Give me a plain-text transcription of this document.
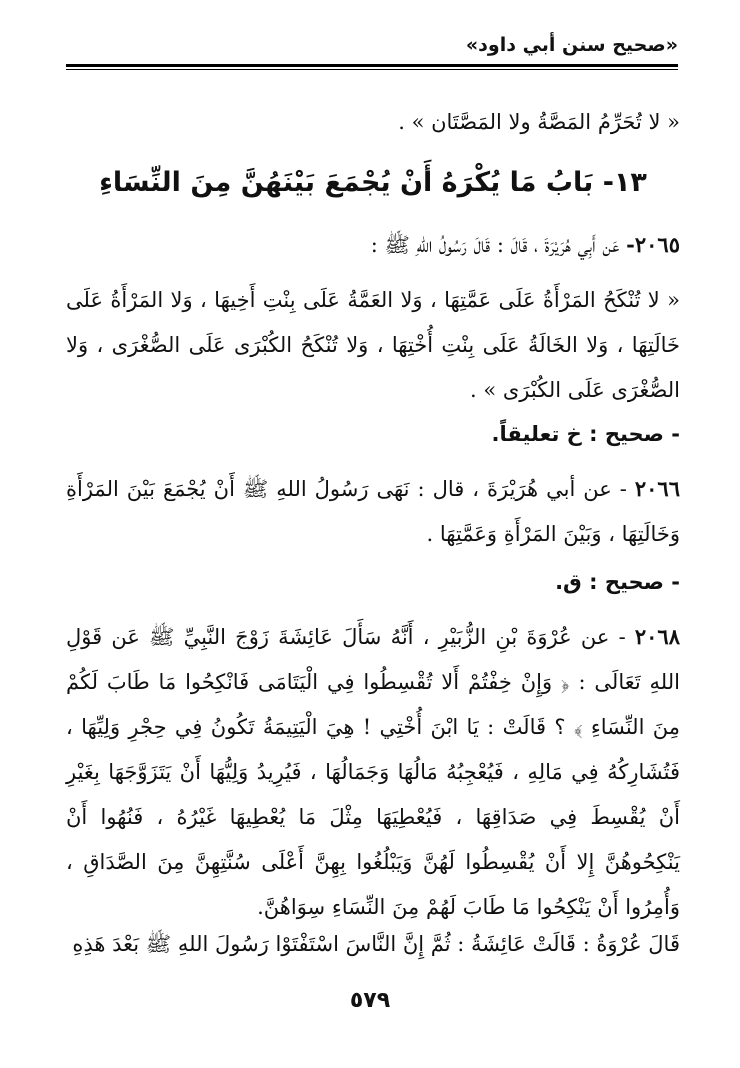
«صحيح سنن أبي داود»
« لا تُحَرِّمُ المَصَّةُ ولا المَصَّتَان » .
١٣- بَابُ مَا يُكْرَهُ أَنْ يُجْمَعَ بَيْنَهُنَّ مِنَ النِّسَاءِ
٢٠٦٥- عَن أَبِي هُرَيْرَةَ ، قَالَ : قَالَ رَسُولُ اللهِ ﷺ :
« لا تُنْكَحُ المَرْأَةُ عَلَى عَمَّتِهَا ، وَلا العَمَّةُ عَلَى بِنْتِ أَخِيهَا ، وَلا المَرْأَةُ عَلَى خَالَتِهَا ، وَلا الخَالَةُ عَلَى بِنْتِ أُخْتِهَا ، وَلا تُنْكَحُ الكُبْرَى عَلَى الصُّغْرَى ، وَلا الصُّغْرَى عَلَى الكُبْرَى » .
- صحيح : خ تعليقاً.
٢٠٦٦ - عن أبي هُرَيْرَةَ ، قال : نَهَى رَسُولُ اللهِ ﷺ أَنْ يُجْمَعَ بَيْنَ المَرْأَةِ وَخَالَتِهَا ، وَبَيْنَ المَرْأَةِ وَعَمَّتِهَا .
- صحيح : ق.
٢٠٦٨ - عن عُرْوَةَ بْنِ الزُّبَيْرِ ، أَنَّهُ سَأَلَ عَائِشَةَ زَوْجَ النَّبِيِّ ﷺ عَن قَوْلِ اللهِ تَعَالَى : ﴿ وَإِنْ خِفْتُمْ أَلا تُقْسِطُوا فِي الْيَتَامَى فَانْكِحُوا مَا طَابَ لَكُمْ مِنَ النِّسَاءِ ﴾ ؟ قَالَتْ : يَا ابْنَ أُخْتِي ! هِيَ الْيَتِيمَةُ تَكُونُ فِي حِجْرِ وَلِيِّهَا ، فَتُشَارِكُهُ فِي مَالِهِ ، فَيُعْجِبُهُ مَالُهَا وَجَمَالُهَا ، فَيُرِيدُ وَلِيُّهَا أَنْ يَتَزَوَّجَهَا بِغَيْرِ أَنْ يُقْسِطَ فِي صَدَاقِهَا ، فَيُعْطِيَهَا مِثْلَ مَا يُعْطِيهَا غَيْرُهُ ، فَنُهُوا أَنْ يَنْكِحُوهُنَّ إِلا أَنْ يُقْسِطُوا لَهُنَّ وَيَبْلُغُوا بِهِنَّ أَعْلَى سُنَّتِهِنَّ مِنَ الصَّدَاقِ ، وَأُمِرُوا أَنْ يَنْكِحُوا مَا طَابَ لَهُمْ مِنَ النِّسَاءِ سِوَاهُنَّ.
قَالَ عُرْوَةُ : قَالَتْ عَائِشَةُ : ثُمَّ إِنَّ النَّاسَ اسْتَفْتَوْا رَسُولَ اللهِ ﷺ بَعْدَ هَذِهِ
٥٧٩
